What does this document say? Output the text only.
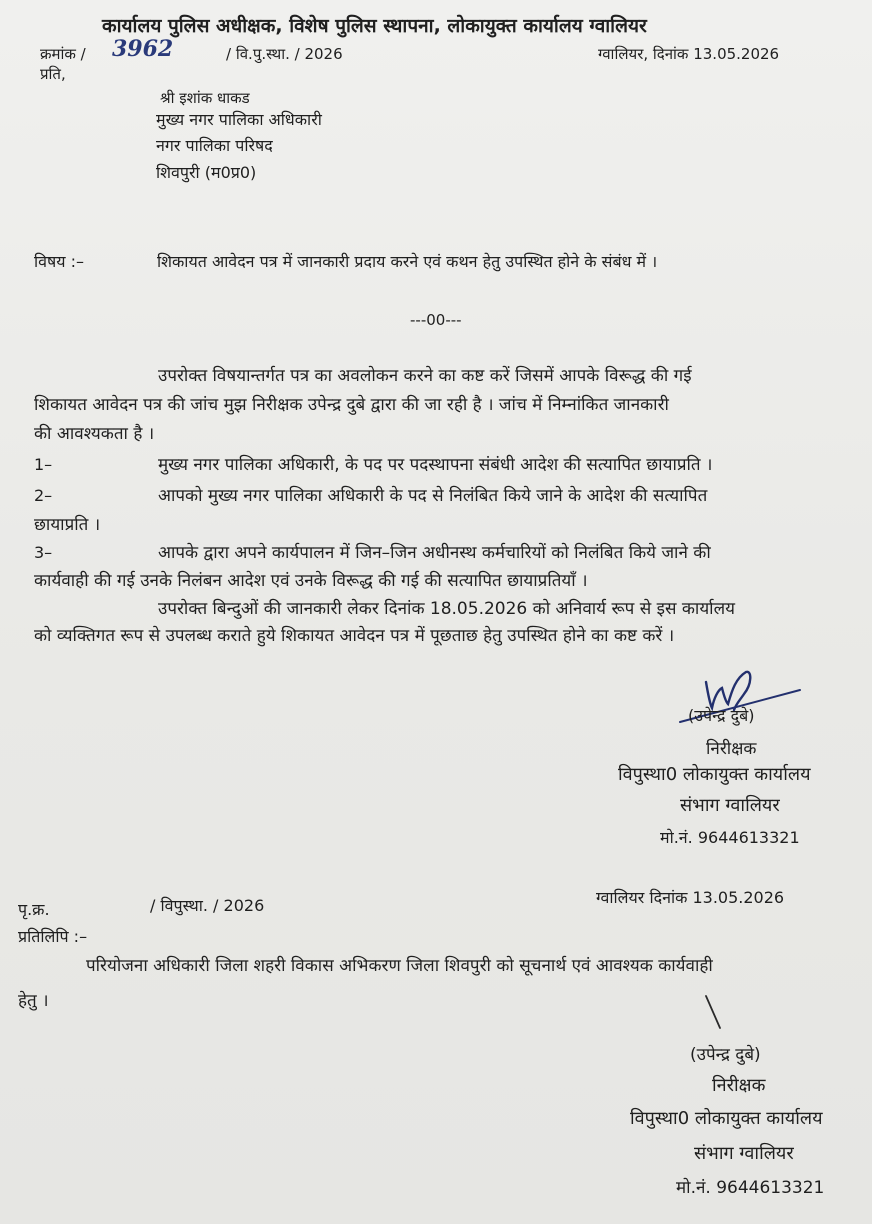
कार्यालय पुलिस अधीक्षक, विशेष पुलिस स्थापना, लोकायुक्त कार्यालय ग्वालियर
क्रमांक / 3962	/ वि.पु.स्था. / 2026	ग्वालियर, दिनांक 13.05.2026
प्रति,
श्री इशांक धाकड
मुख्य नगर पालिका अधिकारी
नगर पालिका परिषद
शिवपुरी (म0प्र0)
विषय :–	शिकायत आवेदन पत्र में जानकारी प्रदाय करने एवं कथन हेतु उपस्थित होने के संबंध में ।
---00---
उपरोक्त विषयान्तर्गत पत्र का अवलोकन करने का कष्ट करें जिसमें आपके विरूद्ध की गई
शिकायत आवेदन पत्र की जांच मुझ निरीक्षक उपेन्द्र दुबे द्वारा की जा रही है । जांच में निम्नांकित जानकारी
की आवश्यकता है ।
1–	मुख्य नगर पालिका अधिकारी, के पद पर पदस्थापना संबंधी आदेश की सत्यापित छायाप्रति ।
2–	आपको मुख्य नगर पालिका अधिकारी के पद से निलंबित किये जाने के आदेश की सत्यापित
छायाप्रति ।
3–	आपके द्वारा अपने कार्यपालन में जिन–जिन अधीनस्थ कर्मचारियों को निलंबित किये जाने की
कार्यवाही की गई उनके निलंबन आदेश एवं उनके विरूद्ध की गई की सत्यापित छायाप्रतियॉं ।
उपरोक्त बिन्दुओं की जानकारी लेकर दिनांक 18.05.2026 को अनिवार्य रूप से इस कार्यालय
को व्यक्तिगत रूप से उपलब्ध कराते हुये शिकायत आवेदन पत्र में पूछताछ हेतु उपस्थित होने का कष्ट करें ।
(उपेन्द्र दुबे)
निरीक्षक
विपुस्था0 लोकायुक्त कार्यालय
संभाग ग्वालियर
मो.नं. 9644613321
ग्वालियर दिनांक 13.05.2026
पृ.क्र.	/ विपुस्था. / 2026
प्रतिलिपि :–
परियोजना अधिकारी जिला शहरी विकास अभिकरण जिला शिवपुरी को सूचनार्थ एवं आवश्यक कार्यवाही
हेतु ।
(उपेन्द्र दुबे)
निरीक्षक
विपुस्था0 लोकायुक्त कार्यालय
संभाग ग्वालियर
मो.नं. 9644613321
